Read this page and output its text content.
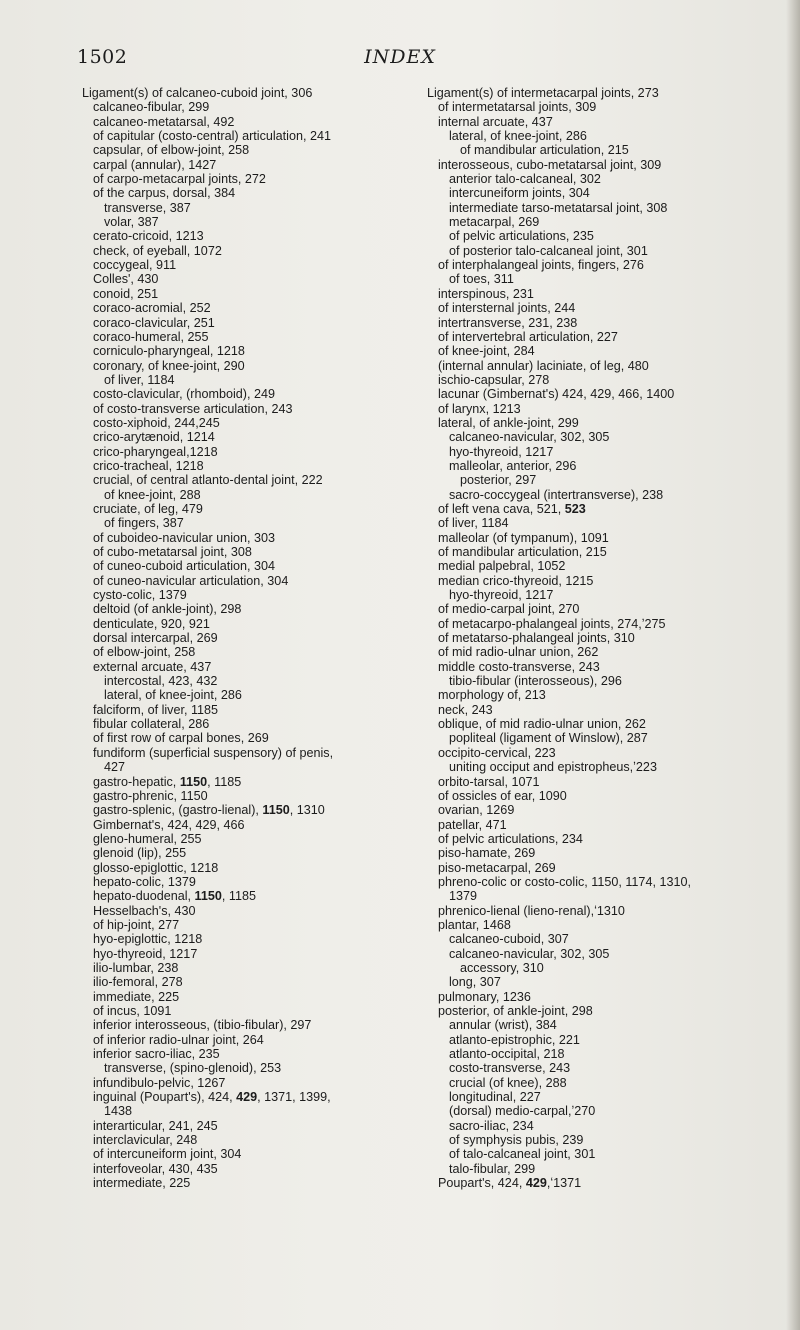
1502	INDEX
Ligament(s) of calcaneo-cuboid joint, 306
calcaneo-fibular, 299
calcaneo-metatarsal, 492
of capitular (costo-central) articulation, 241
capsular, of elbow-joint, 258
carpal (annular), 1427
of carpo-metacarpal joints, 272
of the carpus, dorsal, 384
transverse, 387
volar, 387
cerato-cricoid, 1213
check, of eyeball, 1072
coccygeal, 911
Colles', 430
conoid, 251
coraco-acromial, 252
coraco-clavicular, 251
coraco-humeral, 255
corniculo-pharyngeal, 1218
coronary, of knee-joint, 290
of liver, 1184
costo-clavicular, (rhomboid), 249
of costo-transverse articulation, 243
costo-xiphoid, 244,245
crico-arytænoid, 1214
crico-pharyngeal,1218
crico-tracheal, 1218
crucial, of central atlanto-dental joint, 222
of knee-joint, 288
cruciate, of leg, 479
of fingers, 387
of cuboideo-navicular union, 303
of cubo-metatarsal joint, 308
of cuneo-cuboid articulation, 304
of cuneo-navicular articulation, 304
cysto-colic, 1379
deltoid (of ankle-joint), 298
denticulate, 920, 921
dorsal intercarpal, 269
of elbow-joint, 258
external arcuate, 437
intercostal, 423, 432
lateral, of knee-joint, 286
falciform, of liver, 1185
fibular collateral, 286
of first row of carpal bones, 269
fundiform (superficial suspensory) of penis,
427
gastro-hepatic, 1150, 1185
gastro-phrenic, 1150
gastro-splenic, (gastro-lienal), 1150, 1310
Gimbernat's, 424, 429, 466
gleno-humeral, 255
glenoid (lip), 255
glosso-epiglottic, 1218
hepato-colic, 1379
hepato-duodenal, 1150, 1185
Hesselbach's, 430
of hip-joint, 277
hyo-epiglottic, 1218
hyo-thyreoid, 1217
ilio-lumbar, 238
ilio-femoral, 278
immediate, 225
of incus, 1091
inferior interosseous, (tibio-fibular), 297
of inferior radio-ulnar joint, 264
inferior sacro-iliac, 235
transverse, (spino-glenoid), 253
infundibulo-pelvic, 1267
inguinal (Poupart's), 424, 429, 1371, 1399,
1438
interarticular, 241, 245
interclavicular, 248
of intercuneiform joint, 304
interfoveolar, 430, 435
intermediate, 225
Ligament(s) of intermetacarpal joints, 273
of intermetatarsal joints, 309
internal arcuate, 437
lateral, of knee-joint, 286
of mandibular articulation, 215
interosseous, cubo-metatarsal joint, 309
anterior talo-calcaneal, 302
intercuneiform joints, 304
intermediate tarso-metatarsal joint, 308
metacarpal, 269
of pelvic articulations, 235
of posterior talo-calcaneal joint, 301
of interphalangeal joints, fingers, 276
of toes, 311
interspinous, 231
of intersternal joints, 244
intertransverse, 231, 238
of intervertebral articulation, 227
of knee-joint, 284
(internal annular) laciniate, of leg, 480
ischio-capsular, 278
lacunar (Gimbernat's) 424, 429, 466, 1400
of larynx, 1213
lateral, of ankle-joint, 299
calcaneo-navicular, 302, 305
hyo-thyreoid, 1217
malleolar, anterior, 296
posterior, 297
sacro-coccygeal (intertransverse), 238
of left vena cava, 521, 523
of liver, 1184
malleolar (of tympanum), 1091
of mandibular articulation, 215
medial palpebral, 1052
median crico-thyreoid, 1215
hyo-thyreoid, 1217
of medio-carpal joint, 270
of metacarpo-phalangeal joints, 274,ʼ275
of metatarso-phalangeal joints, 310
of mid radio-ulnar union, 262
middle costo-transverse, 243
tibio-fibular (interosseous), 296
morphology of, 213
neck, 243
oblique, of mid radio-ulnar union, 262
popliteal (ligament of Winslow), 287
occipito-cervical, 223
uniting occiput and epistropheus,ʼ223
orbito-tarsal, 1071
of ossicles of ear, 1090
ovarian, 1269
patellar, 471
of pelvic articulations, 234
piso-hamate, 269
piso-metacarpal, 269
phreno-colic or costo-colic, 1150, 1174, 1310,
1379
phrenico-lienal (lieno-renal),ʻ1310
plantar, 1468
calcaneo-cuboid, 307
calcaneo-navicular, 302, 305
accessory, 310
long, 307
pulmonary, 1236
posterior, of ankle-joint, 298
annular (wrist), 384
atlanto-epistrophic, 221
atlanto-occipital, 218
costo-transverse, 243
crucial (of knee), 288
longitudinal, 227
(dorsal) medio-carpal,ʼ270
sacro-iliac, 234
of symphysis pubis, 239
of talo-calcaneal joint, 301
talo-fibular, 299
Poupart's, 424, 429,ʻ1371
